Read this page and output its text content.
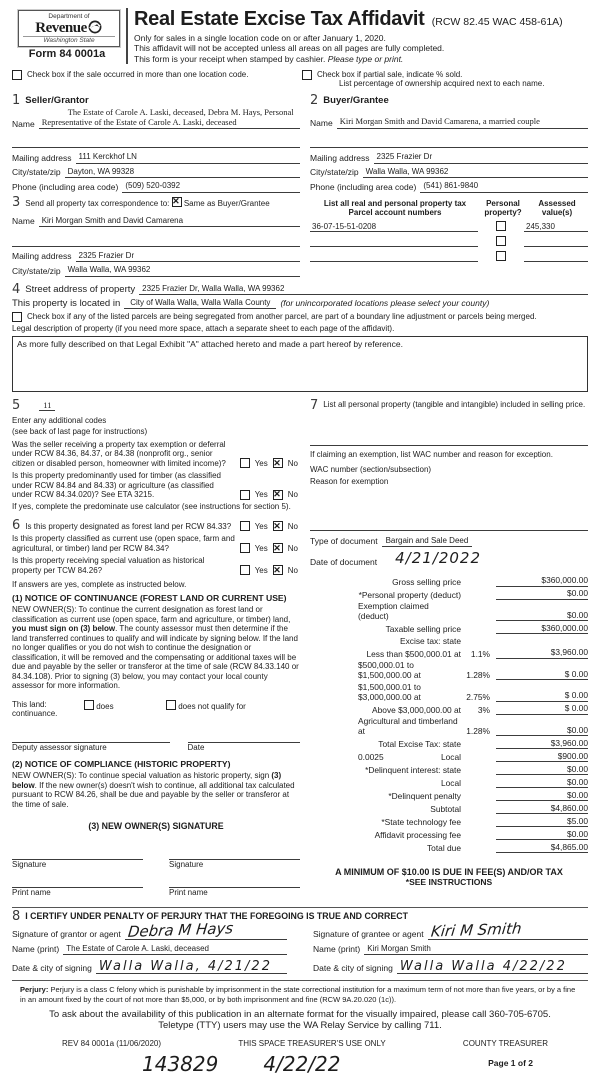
Department of
Revenue
Washington State
Form 84 0001a
Real Estate Excise Tax Affidavit (RCW 82.45 WAC 458-61A)
Only for sales in a single location code on or after January 1, 2020.
This affidavit will not be accepted unless all areas on all pages are fully completed.
This form is your receipt when stamped by cashier. Please type or print.
Check box if the sale occurred in more than one location code.	Check box if partial sale, indicate % sold.
List percentage of ownership acquired next to each name.
1 Seller/Grantor
Name
The Estate of Carole A. Laski, deceased, Debra M. Hays, Personal
Representative of the Estate of Carole A. Laski, deceased
Mailing address 111 Kerckhof LN
City/state/zip Dayton, WA 99328
Phone (including area code) (509) 520-0392
2 Buyer/Grantee
Name Kiri Morgan Smith and David Camarena, a married couple
Mailing address 2325 Frazier Dr
City/state/zip Walla Walla, WA 99362
Phone (including area code) (541) 861-9840
3 Send all property tax correspondence to: ✕ Same as Buyer/Grantee
Name Kiri Morgan Smith and David Camarena
Mailing address 2325 Frazier Dr
City/state/zip Walla Walla, WA 99362
List all real and personal property tax
Parcel account numbers
Personal
property?
Assessed
value(s)
36-07-15-51-0208	245,330
4 Street address of property 2325 Frazier Dr, Walla Walla, WA 99362
This property is located in	City of Walla Walla, Walla Walla County	(for unincorporated locations please select your county)
Check box if any of the listed parcels are being segregated from another parcel, are part of a boundary line adjustment or parcels being merged.
Legal description of property (if you need more space, attach a separate sheet to each page of the affidavit).
As more fully described on that Legal Exhibit "A" attached hereto and made a part hereof by reference.
5	11
Enter any additional codes
(see back of last page for instructions)
Was the seller receiving a property tax exemption or deferral under RCW 84.36, 84.37, or 84.38 (nonprofit org., senior citizen or disabled person, homeowner with limited income)?	Yes ✕	No
Is this property predominantly used for timber (as classified under RCW 84.84 and 84.33) or agriculture (as classified under RCW 84.34.020)? See ETA 3215.	Yes ✕	No
If yes, complete the predominate use calculator (see instructions for section 5).
6 Is this property designated as forest land per RCW 84.33?	Yes ✕	No
Is this property classified as current use (open space, farm and agricultural, or timber) land per RCW 84.34?	Yes ✕	No
Is this property receiving special valuation as historical property per TCW 84.26?	Yes ✕	No
If answers are yes, complete as instructed below.
(1) NOTICE OF CONTINUANCE (FOREST LAND OR CURRENT USE)
NEW OWNER(S): To continue the current designation as forest land or classification as current use (open space, farm and agriculture, or timber) land, you must sign on (3) below. The county assessor must then determine if the land transferred continues to qualify and will indicate by signing below. If the land no longer qualifies or you do not wish to continue the designation or classification, it will be removed and the compensating or additional taxes will be due and payable by the seller or transferor at the time of sale (RCW 84.33.140 or 84.34.108). Prior to signing (3) below, you may contact your local county assessor for more information.
This land:
continuance.
does	does not qualify for
Deputy assessor signature	Date
(2) NOTICE OF COMPLIANCE (HISTORIC PROPERTY)
NEW OWNER(S): To continue special valuation as historic property, sign (3) below. If the new owner(s) doesn't wish to continue, all additional tax calculated pursuant to RCW 84.26, shall be due and payable by the seller or transferor at the time of sale.
(3) NEW OWNER(S) SIGNATURE
Signature	Signature
Print name	Print name
7 List all personal property (tangible and intangible) included in selling price.
If claiming an exemption, list WAC number and reason for exception.
WAC number (section/subsection)
Reason for exemption
Type of document	Bargain and Sale Deed
Date of document 4/21/2022
Gross selling price	$360,000.00
*Personal property (deduct)	$0.00
Exemption claimed (deduct)	$0.00
Taxable selling price	$360,000.00
Excise tax: state
Less than $500,000.01 at	1.1%	$3,960.00
$500,000.01 to $1,500,000.00 at	1.28%	$ 0.00
$1,500,000.01 to $3,000,000.00 at	2.75%	$ 0.00
Above $3,000,000.00 at	3%	$ 0.00
Agricultural and timberland at	1.28%	$0.00
Total Excise Tax: state	$3,960.00
0.0025	Local	$900.00
*Delinquent interest: state	$0.00
Local	$0.00
*Delinquent penalty	$0.00
Subtotal	$4,860.00
*State technology fee	$5.00
Affidavit processing fee	$0.00
Total due	$4,865.00
A MINIMUM OF $10.00 IS DUE IN FEE(S) AND/OR TAX
*SEE INSTRUCTIONS
8 I CERTIFY UNDER PENALTY OF PERJURY THAT THE FOREGOING IS TRUE AND CORRECT
Signature of grantor or agent Debra M Hays
Name (print) The Estate of Carole A. Laski, deceased
Date & city of signing Walla Walla, 4/21/22
Signature of grantee or agent Kiri M Smith
Name (print) Kiri Morgan Smith
Date & city of signing Walla Walla 4/22/22
Perjury: Perjury is a class C felony which is punishable by imprisonment in the state correctional institution for a maximum term of not more than five years, or by a fine in an amount fixed by the court of not more than $5,000, or by both imprisonment and fine (RCW 9A.20.020 (1c)).
To ask about the availability of this publication in an alternate format for the visually impaired, please call 360-705-6705.
Teletype (TTY) users may use the WA Relay Service by calling 711.
REV 84 0001a (11/06/2020)	THIS SPACE TREASURER'S USE ONLY	COUNTY TREASURER
143829 4/22/22	Page 1 of 2
